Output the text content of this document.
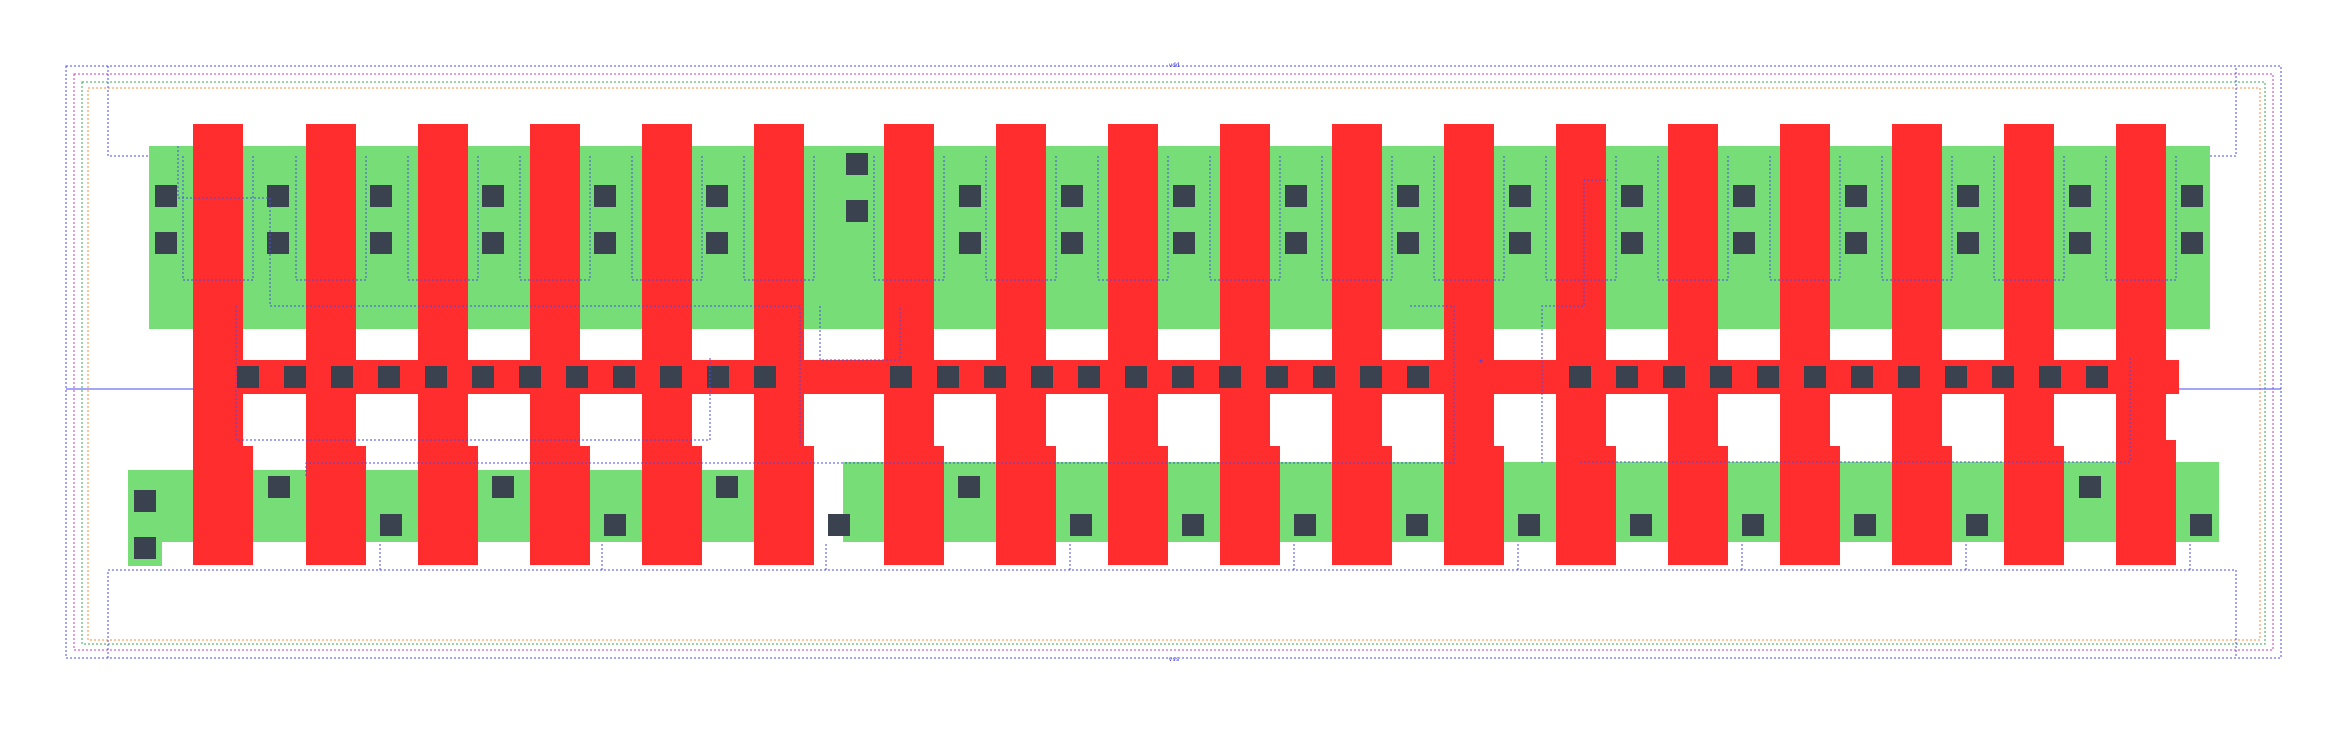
vdd
vss
